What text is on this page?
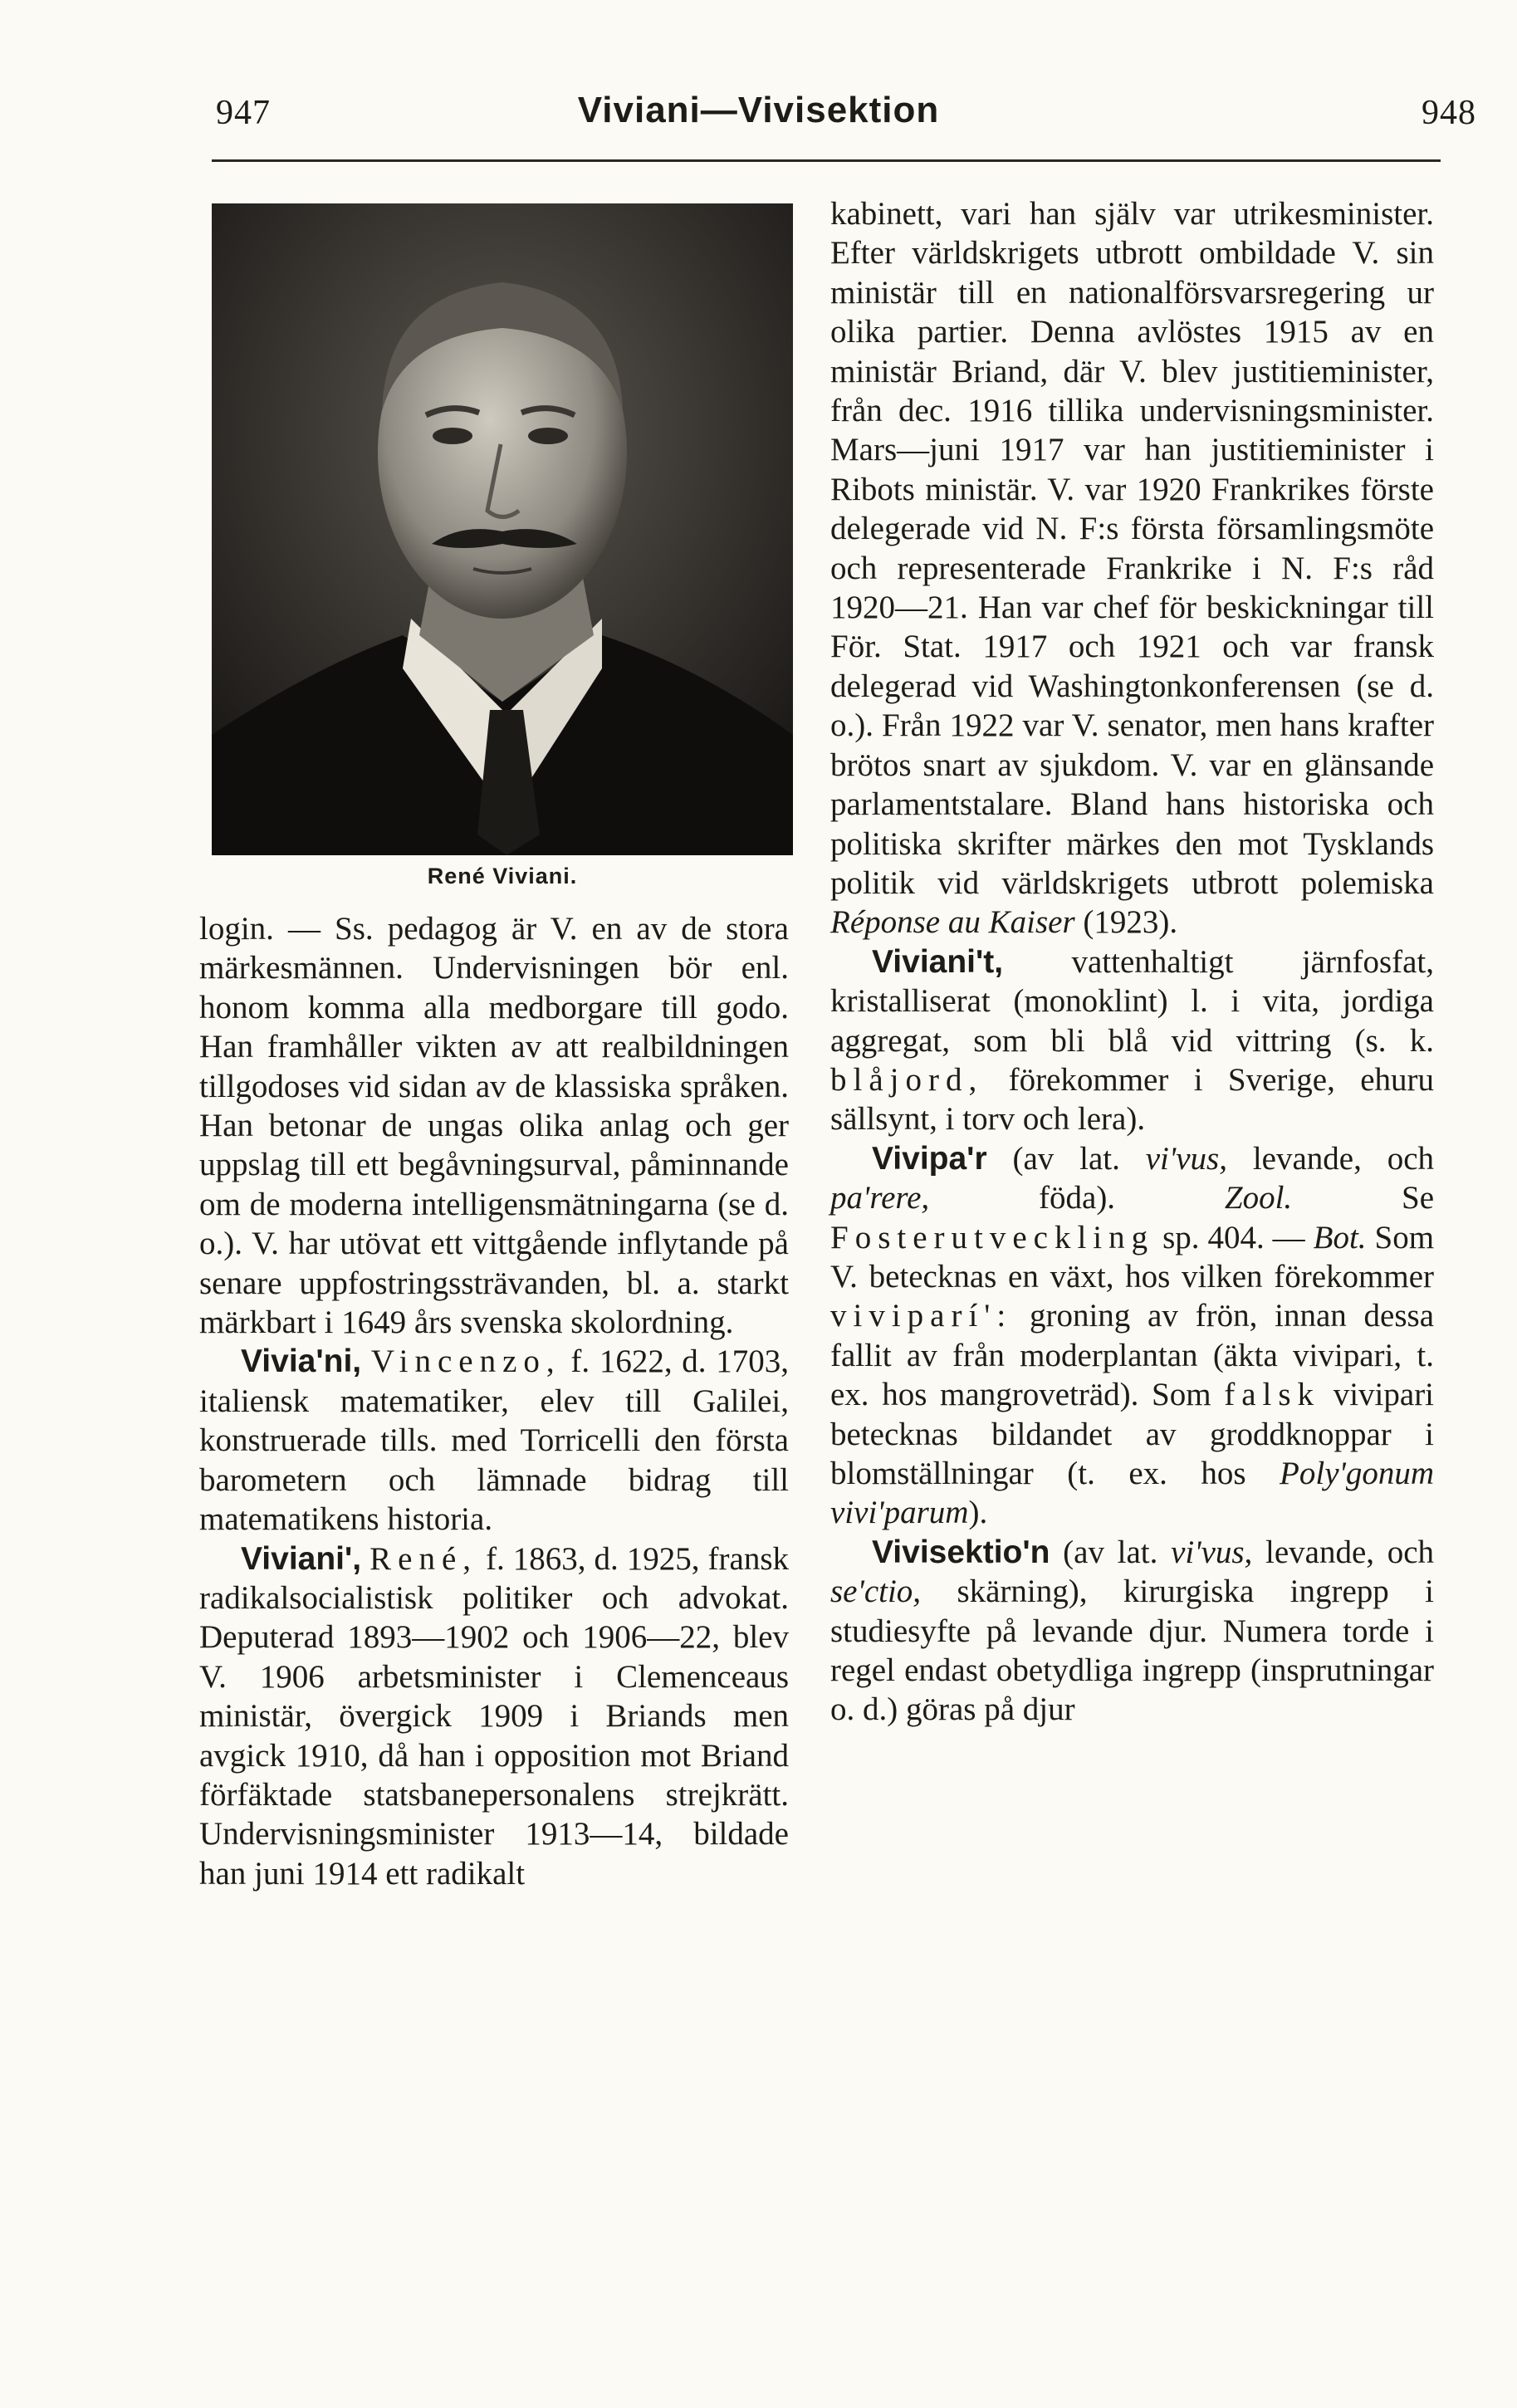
947	Viviani—Vivisektion	948
René Viviani.

login. — Ss. pedagog är V. en av de stora märkesmännen. Undervisningen bör enl. honom komma alla medborgare till godo. Han framhåller vikten av att realbildningen tillgodoses vid sidan av de klassiska språken. Han betonar de ungas olika anlag och ger uppslag till ett begåvningsurval, påminnande om de moderna intelligensmätningarna (se d. o.). V. har utövat ett vittgående inflytande på senare uppfostringssträvanden, bl. a. starkt märkbart i 1649 års svenska skolordning.

Vivia'ni, Vincenzo, f. 1622, d. 1703, italiensk matematiker, elev till Galilei, konstruerade tills. med Torricelli den första barometern och lämnade bidrag till matematikens historia.

Viviani', René, f. 1863, d. 1925, fransk radikalsocialistisk politiker och advokat. Deputerad 1893—1902 och 1906—22, blev V. 1906 arbetsminister i Clemenceaus ministär, övergick 1909 i Briands men avgick 1910, då han i opposition mot Briand förfäktade statsbanepersonalens strejkrätt. Undervisningsminister 1913—14, bildade han juni 1914 ett radikalt

kabinett, vari han själv var utrikesminister. Efter världskrigets utbrott ombildade V. sin ministär till en nationalförsvarsregering ur olika partier. Denna avlöstes 1915 av en ministär Briand, där V. blev justitieminister, från dec. 1916 tillika undervisningsminister. Mars—juni 1917 var han justitieminister i Ribots ministär. V. var 1920 Frankrikes förste delegerade vid N. F:s första församlingsmöte och representerade Frankrike i N. F:s råd 1920—21. Han var chef för beskickningar till För. Stat. 1917 och 1921 och var fransk delegerad vid Washingtonkonferensen (se d. o.). Från 1922 var V. senator, men hans krafter brötos snart av sjukdom. V. var en glänsande parlamentstalare. Bland hans historiska och politiska skrifter märkes den mot Tysklands politik vid världskrigets utbrott polemiska Réponse au Kaiser (1923).

Viviani't, vattenhaltigt järnfosfat, kristalliserat (monoklint) l. i vita, jordiga aggregat, som bli blå vid vittring (s. k. blåjord, förekommer i Sverige, ehuru sällsynt, i torv och lera).

Vivipa'r (av lat. vi'vus, levande, och pa'rere,	föda).	Zool.	Se Fosterutveckling sp. 404. — Bot. Som V. betecknas en växt, hos vilken förekommer viviparí': groning av frön, innan dessa fallit av från moderplantan (äkta vivipari, t. ex. hos mangroveträd). Som falsk vivipari betecknas bildandet av groddknoppar i blomställningar (t. ex. hos Poly'gonum vivi'parum).

Vivisektio'n (av lat. vi'vus, levande, och se'ctio, skärning), kirurgiska ingrepp i studiesyfte på levande djur. Numera torde i regel endast obetydliga ingrepp (insprutningar o. d.) göras på djur
